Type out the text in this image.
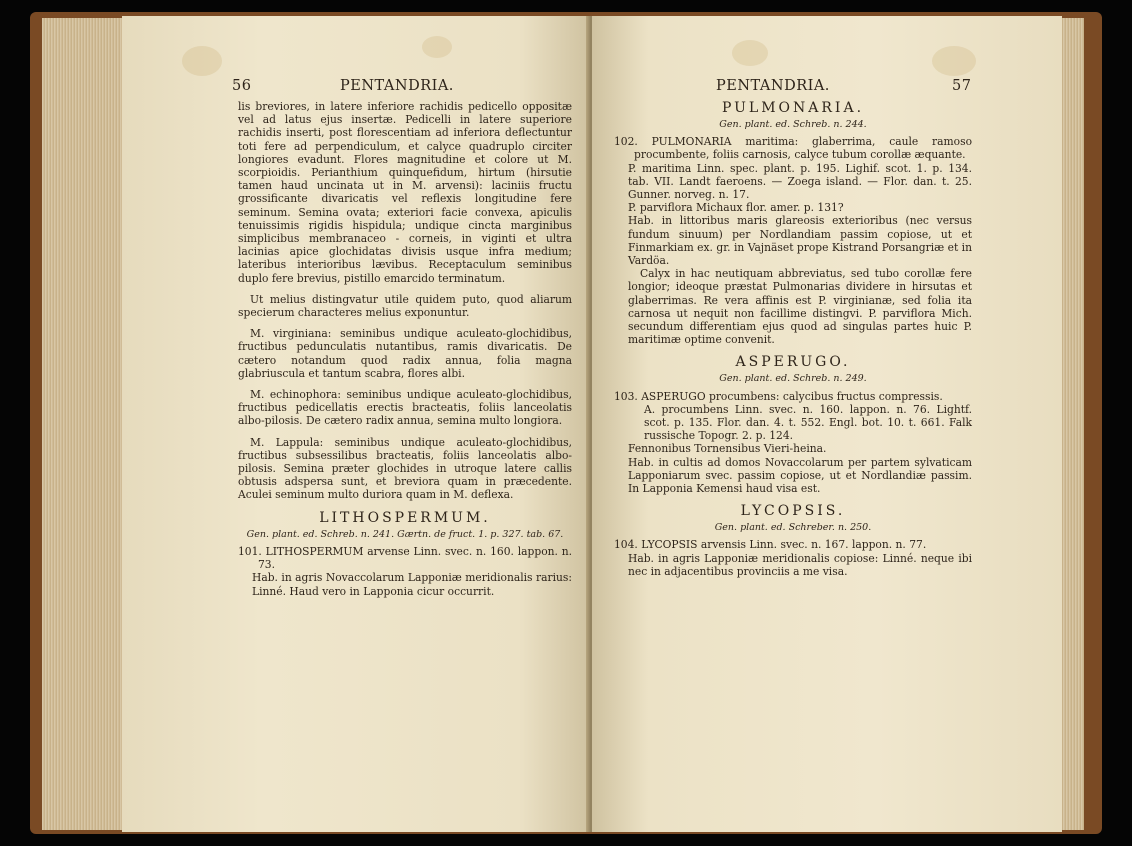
56	PENTANDRIA.

lis breviores, in latere inferiore rachidis pedicello oppositæ vel ad latus ejus insertæ. Pedicelli in latere superiore rachidis inserti, post florescentiam ad inferiora deflectuntur toti fere ad perpendiculum, et calyce quadruplo circiter longiores evadunt. Flores magnitudine et colore ut M. scorpioidis. Perianthium quinquefidum, hirtum (hirsutie tamen haud uncinata ut in M. arvensi): laciniis fructu grossificante divaricatis vel reflexis longitudine fere seminum. Semina ovata; exteriori facie convexa, apiculis tenuissimis rigidis hispidula; undique cincta marginibus simplicibus membranaceo - corneis, in viginti et ultra lacinias apice glochidatas divisis usque infra medium; lateribus interioribus lævibus. Receptaculum seminibus duplo fere brevius, pistillo emarcido terminatum.

Ut melius distingvatur utile quidem puto, quod aliarum specierum characteres melius exponuntur.

M. virginiana: seminibus undique aculeato-glochidibus, fructibus pedunculatis nutantibus, ramis divaricatis. De cætero notandum quod radix annua, folia magna glabriuscula et tantum scabra, flores albi.

M. echinophora: seminibus undique aculeato-glochidibus, fructibus pedicellatis erectis bracteatis, foliis lanceolatis albo-pilosis. De cætero radix annua, semina multo longiora.

M. Lappula: seminibus undique aculeato-glochidibus, fructibus subsessilibus bracteatis, foliis lanceolatis albo-pilosis. Semina præter glochides in utroque latere callis obtusis adspersa sunt, et breviora quam in præcedente. Aculei seminum multo duriora quam in M. deflexa.

LITHOSPERMUM.

Gen. plant. ed. Schreb. n. 241. Gærtn. de fruct. 1. p. 327. tab. 67.

101. LITHOSPERMUM arvense Linn. svec. n. 160. lappon. n. 73.

Hab. in agris Novaccolarum Lapponiæ meridionalis rarius: Linné. Haud vero in Lapponia cicur occurrit.

PENTANDRIA.	57
PULMONARIA.

Gen. plant. ed. Schreb. n. 244.

102. PULMONARIA maritima: glaberrima, caule ramoso procumbente, foliis carnosis, calyce tubum corollæ æquante.

P. maritima Linn. spec. plant. p. 195. Lighif. scot. 1. p. 134. tab. VII. Landt faeroens. — Zoega island. — Flor. dan. t. 25. Gunner. norveg. n. 17.

P. parviflora Michaux flor. amer. p. 131?

Hab. in littoribus maris glareosis exterioribus (nec versus fundum sinuum) per Nordlandiam passim copiose, ut et Finmarkiam ex. gr. in Vajnäset prope Kistrand Porsangriæ et in Vardöa.

Calyx in hac neutiquam abbreviatus, sed tubo corollæ fere longior; ideoque præstat Pulmonarias dividere in hirsutas et glaberrimas. Re vera affinis est P. virginianæ, sed folia ita carnosa ut nequit non facillime distingvi. P. parviflora Mich. secundum differentiam ejus quod ad singulas partes huic P. maritimæ optime convenit.

ASPERUGO.

Gen. plant. ed. Schreb. n. 249.

103. ASPERUGO procumbens: calycibus fructus compressis.

A. procumbens Linn. svec. n. 160. lappon. n. 76. Lightf. scot. p. 135. Flor. dan. 4. t. 552. Engl. bot. 10. t. 661. Falk russische Topogr. 2. p. 124.

Fennonibus Tornensibus Vieri-heina.

Hab. in cultis ad domos Novaccolarum per partem sylvaticam Lapponiarum svec. passim copiose, ut et Nordlandiæ passim. In Lapponia Kemensi haud visa est.

LYCOPSIS.

Gen. plant. ed. Schreber. n. 250.

104. LYCOPSIS arvensis Linn. svec. n. 167. lappon. n. 77.

Hab. in agris Lapponiæ meridionalis copiose: Linné. neque ibi nec in adjacentibus provinciis a me visa.
